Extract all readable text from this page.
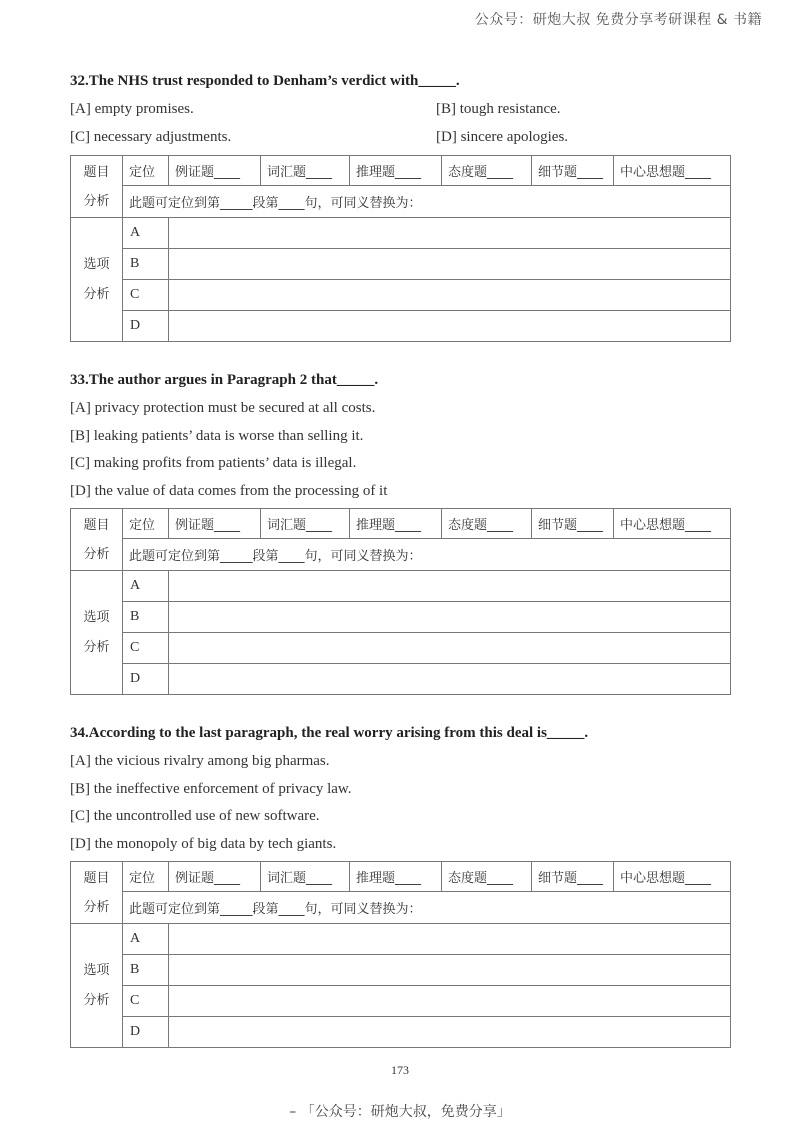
公众号：研炮大叔 免费分享考研课程 & 书籍
32.The NHS trust responded to Denham’s verdict with_____.
[A] empty promises.	[B] tough resistance.
[C] necessary adjustments.	[D] sincere apologies.
题目
分析	定位	例证题____	词汇题____	推理题____	态度题____	细节题____	中心思想题____
	此题可定位到第_____段第____句，可同义替换为：						

选项
分析	A						
	B						
	C						
	D						
33.The author argues in Paragraph 2 that_____.
[A] privacy protection must be secured at all costs.
[B] leaking patients’ data is worse than selling it.
[C] making profits from patients’ data is illegal.
[D] the value of data comes from the processing of it
题目
分析	定位	例证题____	词汇题____	推理题____	态度题____	细节题____	中心思想题____
	此题可定位到第_____段第____句，可同义替换为：						

选项
分析	A						
	B						
	C						
	D						
34.According to the last paragraph, the real worry arising from this deal is_____.
[A] the vicious rivalry among big pharmas.
[B] the ineffective enforcement of privacy law.
[C] the uncontrolled use of new software.
[D] the monopoly of big data by tech giants.
题目
分析	定位	例证题____	词汇题____	推理题____	态度题____	细节题____	中心思想题____
	此题可定位到第_____段第____句，可同义替换为：						

选项
分析	A						
	B						
	C						
	D						
173
– 「公众号：研炮大叔，免费分享」
